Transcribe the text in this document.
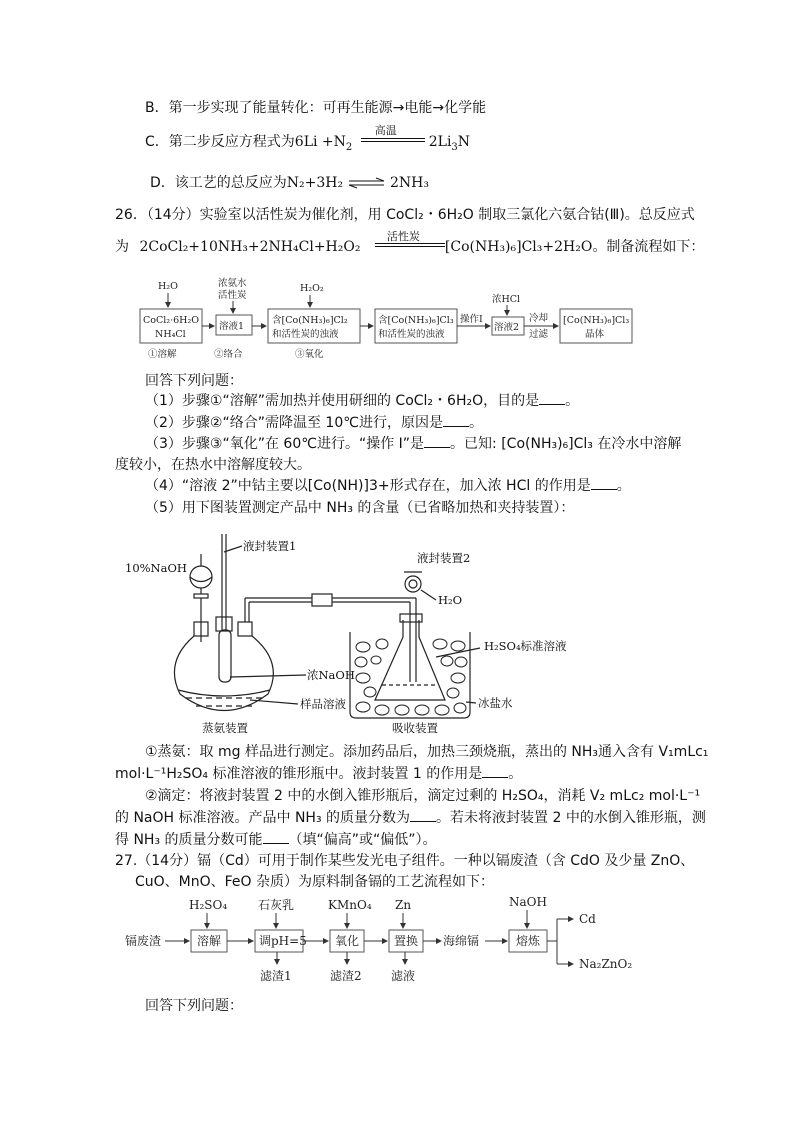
B．第一步实现了能量转化：可再生能源→电能→化学能
C．第二步反应方程式为$6Li +N_2$
高温
$2Li_3N$
D．该工艺的总反应为N₂+3H₂ ⇌ 2NH₃
26．（14分）实验室以活性炭为催化剂，用 CoCl₂・6H₂O 制取三氯化六氨合钴(Ⅲ)。总反应式
为 2CoCl₂+10NH₃+2NH₄Cl+H₂O₂
活性炭
[Co(NH₃)₆]Cl₃+2H₂O。制备流程如下：
H₂O	浓氨水
活性炭
H₂O₂
浓HCl
CoCl₂·6H₂O
NH₄Cl
溶液1
含[Co(NH₃)₆]Cl₂
和活性炭的浊液
含[Co(NH₃)₆]Cl₃
和活性炭的浊液
操作Ⅰ
溶液2
冷却
过滤
[Co(NH₃)₆]Cl₃
晶体
①溶解	②络合	③氧化
回答下列问题：
（1）步骤①“溶解”需加热并使用研细的 CoCl₂・6H₂O，目的是 。
（2）步骤②“络合”需降温至 10℃进行，原因是 。
（3）步骤③“氧化”在 60℃进行。“操作 I”是 。已知: [Co(NH₃)₆]Cl₃ 在冷水中溶解
度较小，在热水中溶解度较大。
（4）“溶液 2”中钴主要以[Co(NH)]3+形式存在，加入浓 HCl 的作用是 。
（5）用下图装置测定产品中 NH₃ 的含量（已省略加热和夹持装置）：
10%NaOH
液封装置1
液封装置2
H₂O
浓NaOH
样品溶液
H₂SO₄标准溶液
冰盐水
蒸氨装置	吸收装置
①蒸氨：取 mg 样品进行测定。添加药品后，加热三颈烧瓶，蒸出的 NH₃通入含有 V₁mLc₁
mol·L⁻¹H₂SO₄ 标准溶液的锥形瓶中。液封装置 1 的作用是 。
②滴定：将液封装置 2 中的水倒入锥形瓶后，滴定过剩的 H₂SO₄，消耗 V₂ mLc₂ mol·L⁻¹
的 NaOH 标准溶液。产品中 NH₃ 的质量分数为 。若未将液封装置 2 中的水倒入锥形瓶，测
得 NH₃ 的质量分数可能 （填“偏高”或“偏低”）。
27.（14分）镉（Cd）可用于制作某些发光电子组件。一种以镉废渣（含 CdO 及少量 ZnO、
CuO、MnO、FeO 杂质）为原料制备镉的工艺流程如下：
镉废渣
H₂SO₄
溶解
石灰乳
调pH=5
滤渣1
KMnO₄
氧化
滤渣2
Zn
置换
滤液
海绵镉
NaOH
熔炼
Cd
Na₂ZnO₂
回答下列问题：
